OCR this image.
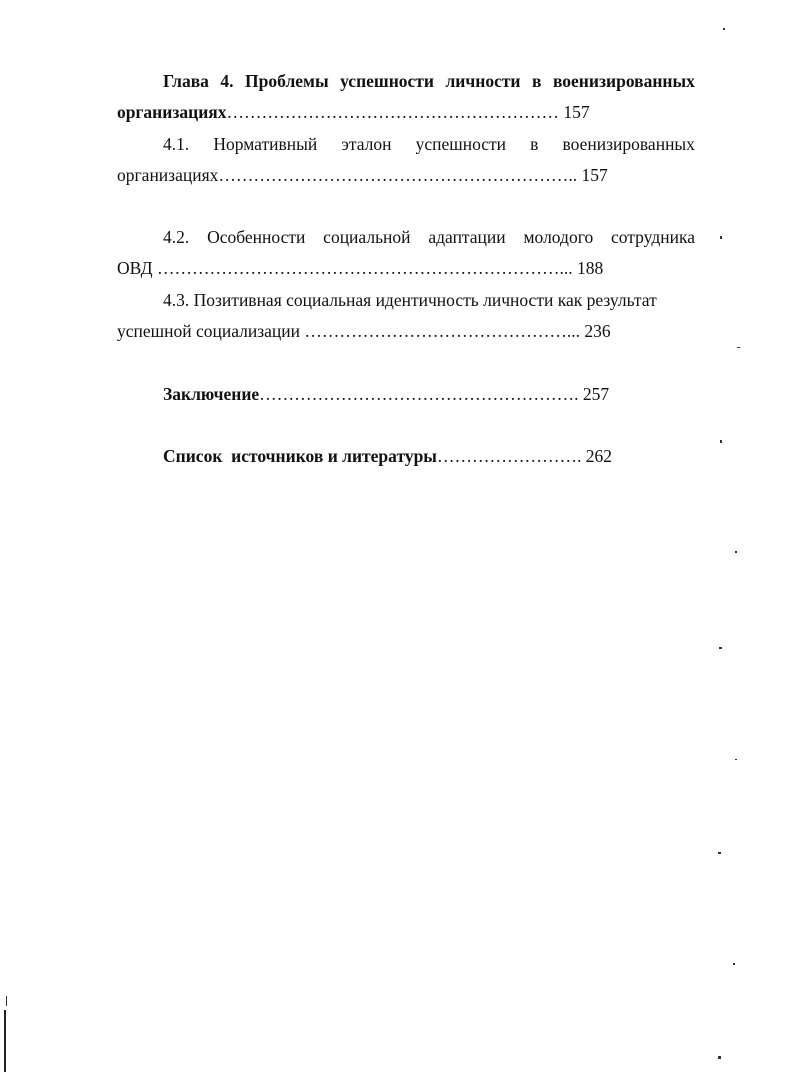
Глава 4. Проблемы успешности личности в военизированных
организациях………………………………………………… 157
4.1. Нормативный эталон успешности в военизированных
организациях…………………………………………………….. 157
4.2. Особенности социальной адаптации молодого сотрудника
ОВД ……………………………………………………………... 188
4.3. Позитивная социальная идентичность личности как результат
успешной социализации ………………………………………... 236
Заключение………………………………………………. 257
Список  источников и литературы……………………. 262
